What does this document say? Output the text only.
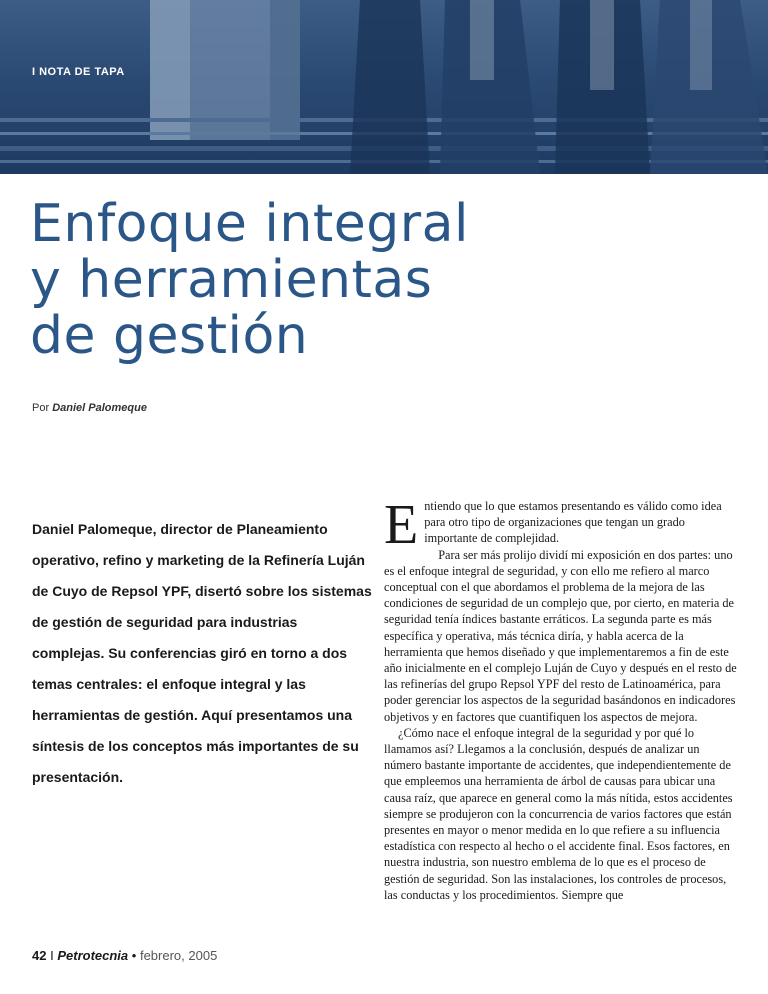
I NOTA DE TAPA
Enfoque integral
y herramientas
de gestión
Por Daniel Palomeque

Daniel Palomeque, director de Planeamiento operativo, refino y marketing de la Refinería Luján de Cuyo de Repsol YPF, disertó sobre los sistemas de gestión de seguridad para industrias complejas. Su conferencias giró en torno a dos temas centrales: el enfoque integral y las herramientas de gestión. Aquí presentamos una síntesis de los conceptos más importantes de su presentación.

Entiendo que lo que estamos presentando es válido como idea para otro tipo de organizaciones que tengan un grado importante de complejidad.

Para ser más prolijo dividí mi exposición en dos partes: uno es el enfoque integral de seguridad, y con ello me refiero al marco conceptual con el que abordamos el problema de la mejora de las condiciones de seguridad de un complejo que, por cierto, en materia de seguridad tenía índices bastante erráticos. La segunda parte es más específica y operativa, más técnica diría, y habla acerca de la herramienta que hemos diseñado y que implementaremos a fin de este año inicialmente en el complejo Luján de Cuyo y después en el resto de las refinerías del grupo Repsol YPF del resto de Latinoamérica, para poder gerenciar los aspectos de la seguridad basándonos en indicadores objetivos y en factores que cuantifiquen los aspectos de mejora.

¿Cómo nace el enfoque integral de la seguridad y por qué lo llamamos así? Llegamos a la conclusión, después de analizar un número bastante importante de accidentes, que independientemente de que empleemos una herramienta de árbol de causas para ubicar una causa raíz, que aparece en general como la más nítida, estos accidentes siempre se produjeron con la concurrencia de varios factores que están presentes en mayor o menor medida en lo que refiere a su influencia estadística con respecto al hecho o el accidente final. Esos factores, en nuestra industria, son nuestro emblema de lo que es el proceso de gestión de seguridad. Son las instalaciones, los controles de procesos, las conductas y los procedimientos. Siempre que

42 I Petrotecnia • febrero, 2005
